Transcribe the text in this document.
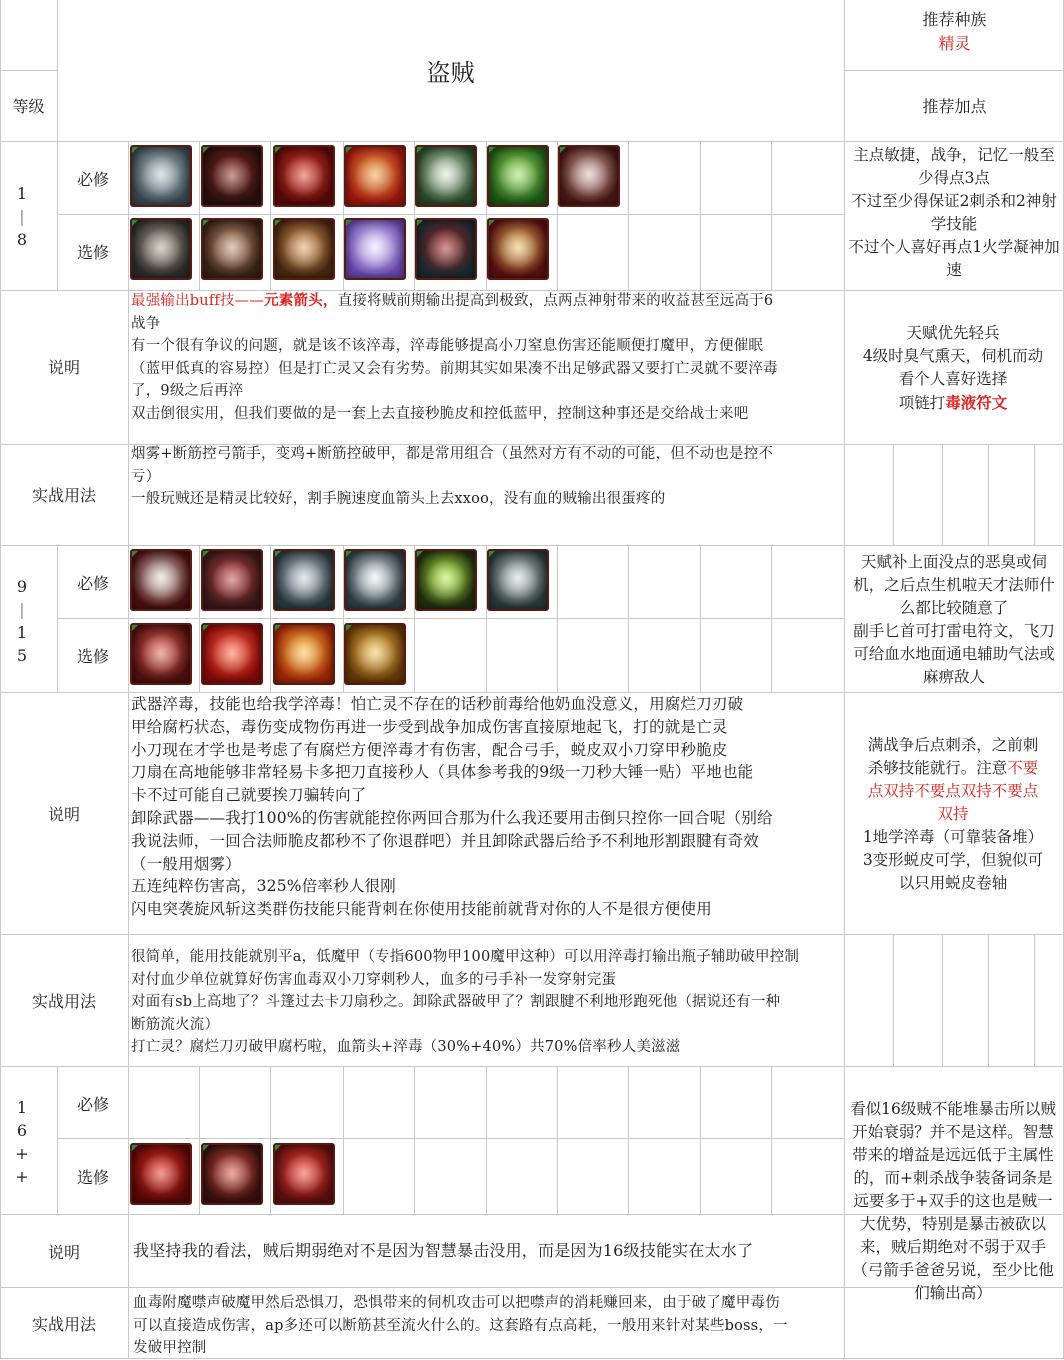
等级
盗贼
推荐种族
精灵
推荐加点
1
|
8
必修
选修
主点敏捷，战争，记忆一般至少得点3点
不过至少得保证2刺杀和2神射学技能
不过个人喜好再点1火学凝神加速
说明
最强输出buff技——元素箭头，直接将贼前期输出提高到极致，点两点神射带来的收益甚至远高于6
战争
有一个很有争议的问题，就是该不该淬毒，淬毒能够提高小刀窒息伤害还能顺便打魔甲，方便催眠
（蓝甲低真的容易控）但是打亡灵又会有劣势。前期其实如果凑不出足够武器又要打亡灵就不要淬毒
了，9级之后再淬
双击倒很实用，但我们要做的是一套上去直接秒脆皮和控低蓝甲，控制这种事还是交给战士来吧
天赋优先轻兵
4级时臭气熏天，伺机而动
看个人喜好选择
项链打毒液符文
实战用法
烟雾+断筋控弓箭手，变鸡+断筋控破甲，都是常用组合（虽然对方有不动的可能，但不动也是控不
亏）
一般玩贼还是精灵比较好，割手腕速度血箭头上去xxoo，没有血的贼输出很蛋疼的
9
|
1
5
必修
选修
天赋补上面没点的恶臭或伺机，之后点生机啦天才法师什么都比较随意了
副手匕首可打雷电符文，飞刀可给血水地面通电辅助气法或麻痹敌人
说明
武器淬毒，技能也给我学淬毒！怕亡灵不存在的话秒前毒给他奶血没意义，用腐烂刀刃破
甲给腐朽状态，毒伤变成物伤再进一步受到战争加成伤害直接原地起飞，打的就是亡灵
小刀现在才学也是考虑了有腐烂方便淬毒才有伤害，配合弓手，蜕皮双小刀穿甲秒脆皮
刀扇在高地能够非常轻易卡多把刀直接秒人（具体参考我的9级一刀秒大锤一贴）平地也能
卡不过可能自己就要挨刀骗转向了
卸除武器——我打100%的伤害就能控你两回合那为什么我还要用击倒只控你一回合呢（别给
我说法师，一回合法师脆皮都秒不了你退群吧）并且卸除武器后给予不利地形割跟腱有奇效
（一般用烟雾）
五连纯粹伤害高，325%倍率秒人很刚
闪电突袭旋风斩这类群伤技能只能背刺在你使用技能前就背对你的人不是很方便使用
满战争后点刺杀，之前刺
杀够技能就行。注意不要
点双持不要点双持不要点
双持
1地学淬毒（可靠装备堆）
3变形蜕皮可学，但貌似可
以只用蜕皮卷轴
实战用法
很简单，能用技能就别平a，低魔甲（专指600物甲100魔甲这种）可以用淬毒打输出瓶子辅助破甲控制
对付血少单位就算好伤害血毒双小刀穿刺秒人，血多的弓手补一发穿射完蛋
对面有sb上高地了？斗篷过去卡刀扇秒之。卸除武器破甲了？割跟腱不利地形跑死他（据说还有一种
断筋流火流）
打亡灵？腐烂刀刃破甲腐朽啦，血箭头+淬毒（30%+40%）共70%倍率秒人美滋滋
1
6
+
+
必修
选修
看似16级贼不能堆暴击所以贼开始衰弱？并不是这样。智慧带来的增益是远远低于主属性的，而+刺杀战争装备词条是远要多于+双手的这也是贼一大优势，特别是暴击被砍以来，贼后期绝对不弱于双手（弓箭手爸爸另说，至少比他们输出高）
说明	我坚持我的看法，贼后期弱绝对不是因为智慧暴击没用，而是因为16级技能实在太水了
实战用法
血毒附魔噤声破魔甲然后恐惧刀，恐惧带来的伺机攻击可以把噤声的消耗赚回来，由于破了魔甲毒伤
可以直接造成伤害，ap多还可以断筋甚至流火什么的。这套路有点高耗，一般用来针对某些boss，一
发破甲控制
